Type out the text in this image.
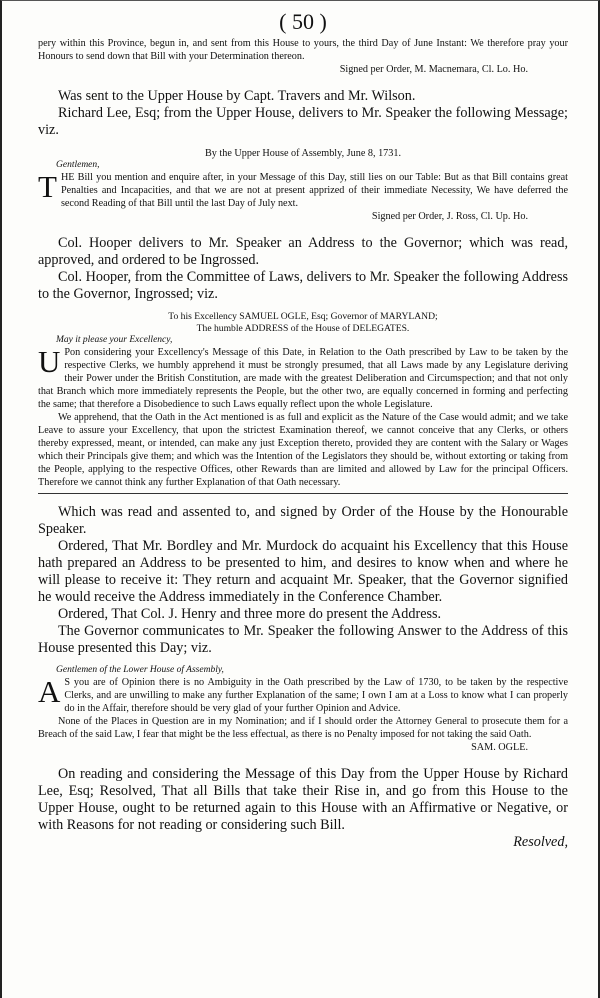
( 50 )
pery within this Province, begun in, and sent from this House to yours, the third Day of June Instant: We therefore pray your Honours to send down that Bill with your Determination thereon.
Signed per Order, M. Macnemara, Cl. Lo. Ho.
Was sent to the Upper House by Capt. Travers and Mr. Wilson.
Richard Lee, Esq; from the Upper House, delivers to Mr. Speaker the following Message; viz.
By the Upper House of Assembly, June 8, 1731.
Gentlemen,
T HE Bill you mention and enquire after, in your Message of this Day, still lies on our Table: But as that Bill contains great Penalties and Incapacities, and that we are not at present apprized of their immediate Necessity, We have deferred the second Reading of that Bill until the last Day of July next.
Signed per Order, J. Ross, Cl. Up. Ho.
Col. Hooper delivers to Mr. Speaker an Address to the Governor; which was read, approved, and ordered to be Ingrossed.
Col. Hooper, from the Committee of Laws, delivers to Mr. Speaker the following Address to the Governor, Ingrossed; viz.
To his Excellency SAMUEL OGLE, Esq; Governor of MARYLAND;
The humble ADDRESS of the House of DELEGATES.
May it please your Excellency,
U Pon considering your Excellency's Message of this Date, in Relation to the Oath prescribed by Law to be taken by the respective Clerks, we humbly apprehend it must be strongly presumed, that all Laws made by any Legislature deriving their Power under the British Constitution, are made with the greatest Deliberation and Circumspection; and that not only that Branch which more immediately represents the People, but the other two, are equally concerned in forming and perfecting the same; that therefore a Disobedience to such Laws equally reflect upon the whole Legislature.
We apprehend, that the Oath in the Act mentioned is as full and explicit as the Nature of the Case would admit; and we take Leave to assure your Excellency, that upon the strictest Examination thereof, we cannot conceive that any Clerks, or others thereby expressed, meant, or intended, can make any just Exception thereto, provided they are content with the Salary or Wages which their Principals give them; and which was the Intention of the Legislators they should be, without extorting or taking from the People, applying to the respective Offices, other Rewards than are limited and allowed by Law for the principal Officers. Therefore we cannot think any further Explanation of that Oath necessary.
Which was read and assented to, and signed by Order of the House by the Honourable Speaker.
Ordered, That Mr. Bordley and Mr. Murdock do acquaint his Excellency that this House hath prepared an Address to be presented to him, and desires to know when and where he will please to receive it: They return and acquaint Mr. Speaker, that the Governor signified he would receive the Address immediately in the Conference Chamber.
Ordered, That Col. J. Henry and three more do present the Address.
The Governor communicates to Mr. Speaker the following Answer to the Address of this House presented this Day; viz.
Gentlemen of the Lower House of Assembly,
A S you are of Opinion there is no Ambiguity in the Oath prescribed by the Law of 1730, to be taken by the respective Clerks, and are unwilling to make any further Explanation of the same; I own I am at a Loss to know what I can properly do in the Affair, therefore should be very glad of your further Opinion and Advice.
None of the Places in Question are in my Nomination; and if I should order the Attorney General to prosecute them for a Breach of the said Law, I fear that might be the less effectual, as there is no Penalty imposed for not taking the said Oath.
SAM. OGLE.
On reading and considering the Message of this Day from the Upper House by Richard Lee, Esq; Resolved, That all Bills that take their Rise in, and go from this House to the Upper House, ought to be returned again to this House with an Affirmative or Negative, or with Reasons for not reading or considering such Bill.
Resolved,
